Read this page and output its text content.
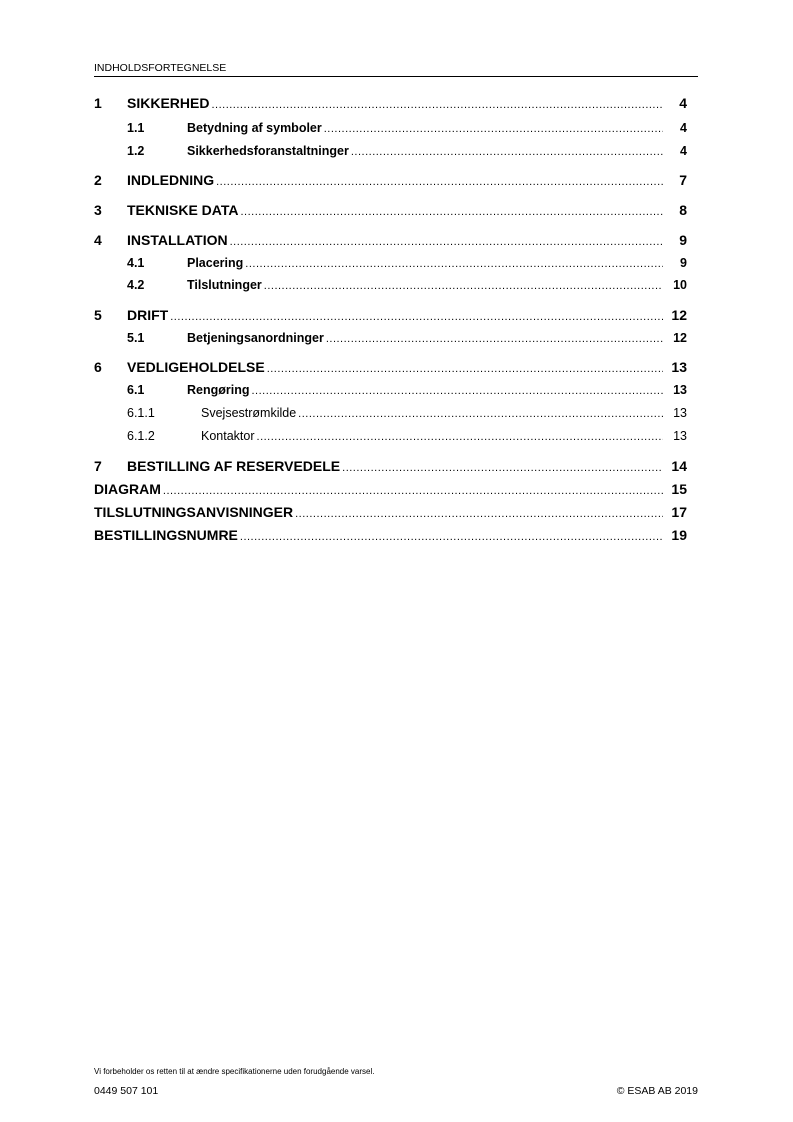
INDHOLDSFORTEGNELSE
1	SIKKERHED .....	4
1.1	Betydning af symboler .....	4
1.2	Sikkerhedsforanstaltninger .....	4
2	INDLEDNING .....	7
3	TEKNISKE DATA .....	8
4	INSTALLATION .....	9
4.1	Placering .....	9
4.2	Tilslutninger .....	10
5	DRIFT .....	12
5.1	Betjeningsanordninger .....	12
6	VEDLIGEHOLDELSE .....	13
6.1	Rengøring .....	13
6.1.1	Svejsestrømkilde .....	13
6.1.2	Kontaktor .....	13
7	BESTILLING AF RESERVEDELE .....	14
DIAGRAM .....	15
TILSLUTNINGSANVISNINGER .....	17
BESTILLINGSNUMRE .....	19
Vi forbeholder os retten til at ændre specifikationerne uden forudgående varsel.
0449 507 101	© ESAB AB 2019
